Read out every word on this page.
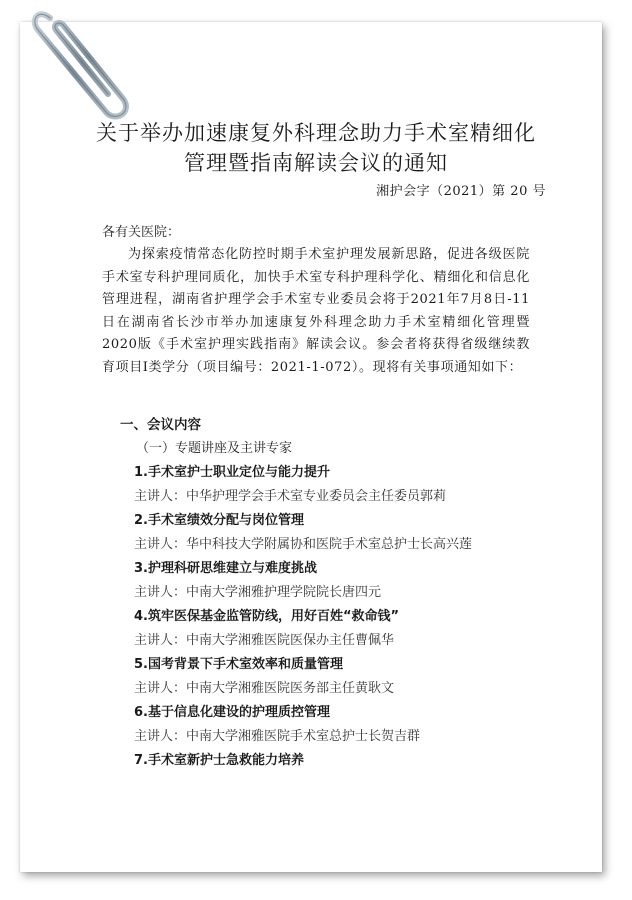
关于举办加速康复外科理念助力手术室精细化
管理暨指南解读会议的通知
湘护会字（2021）第 20 号
各有关医院：
为探索疫情常态化防控时期手术室护理发展新思路，促进各级医院手术室专科护理同质化，加快手术室专科护理科学化、精细化和信息化管理进程，湖南省护理学会手术室专业委员会将于2021年7月8日-11日在湖南省长沙市举办加速康复外科理念助力手术室精细化管理暨2020版《手术室护理实践指南》解读会议。参会者将获得省级继续教育项目I类学分（项目编号：2021-1-072）。现将有关事项通知如下：
一、会议内容
（一）专题讲座及主讲专家
1.手术室护士职业定位与能力提升
主讲人：中华护理学会手术室专业委员会主任委员郭莉
2.手术室绩效分配与岗位管理
主讲人：华中科技大学附属协和医院手术室总护士长高兴莲
3.护理科研思维建立与难度挑战
主讲人：中南大学湘雅护理学院院长唐四元
4.筑牢医保基金监管防线，用好百姓“救命钱”
主讲人：中南大学湘雅医院医保办主任曹佩华
5.国考背景下手术室效率和质量管理
主讲人：中南大学湘雅医院医务部主任黄耿文
6.基于信息化建设的护理质控管理
主讲人：中南大学湘雅医院手术室总护士长贺吉群
7.手术室新护士急救能力培养
